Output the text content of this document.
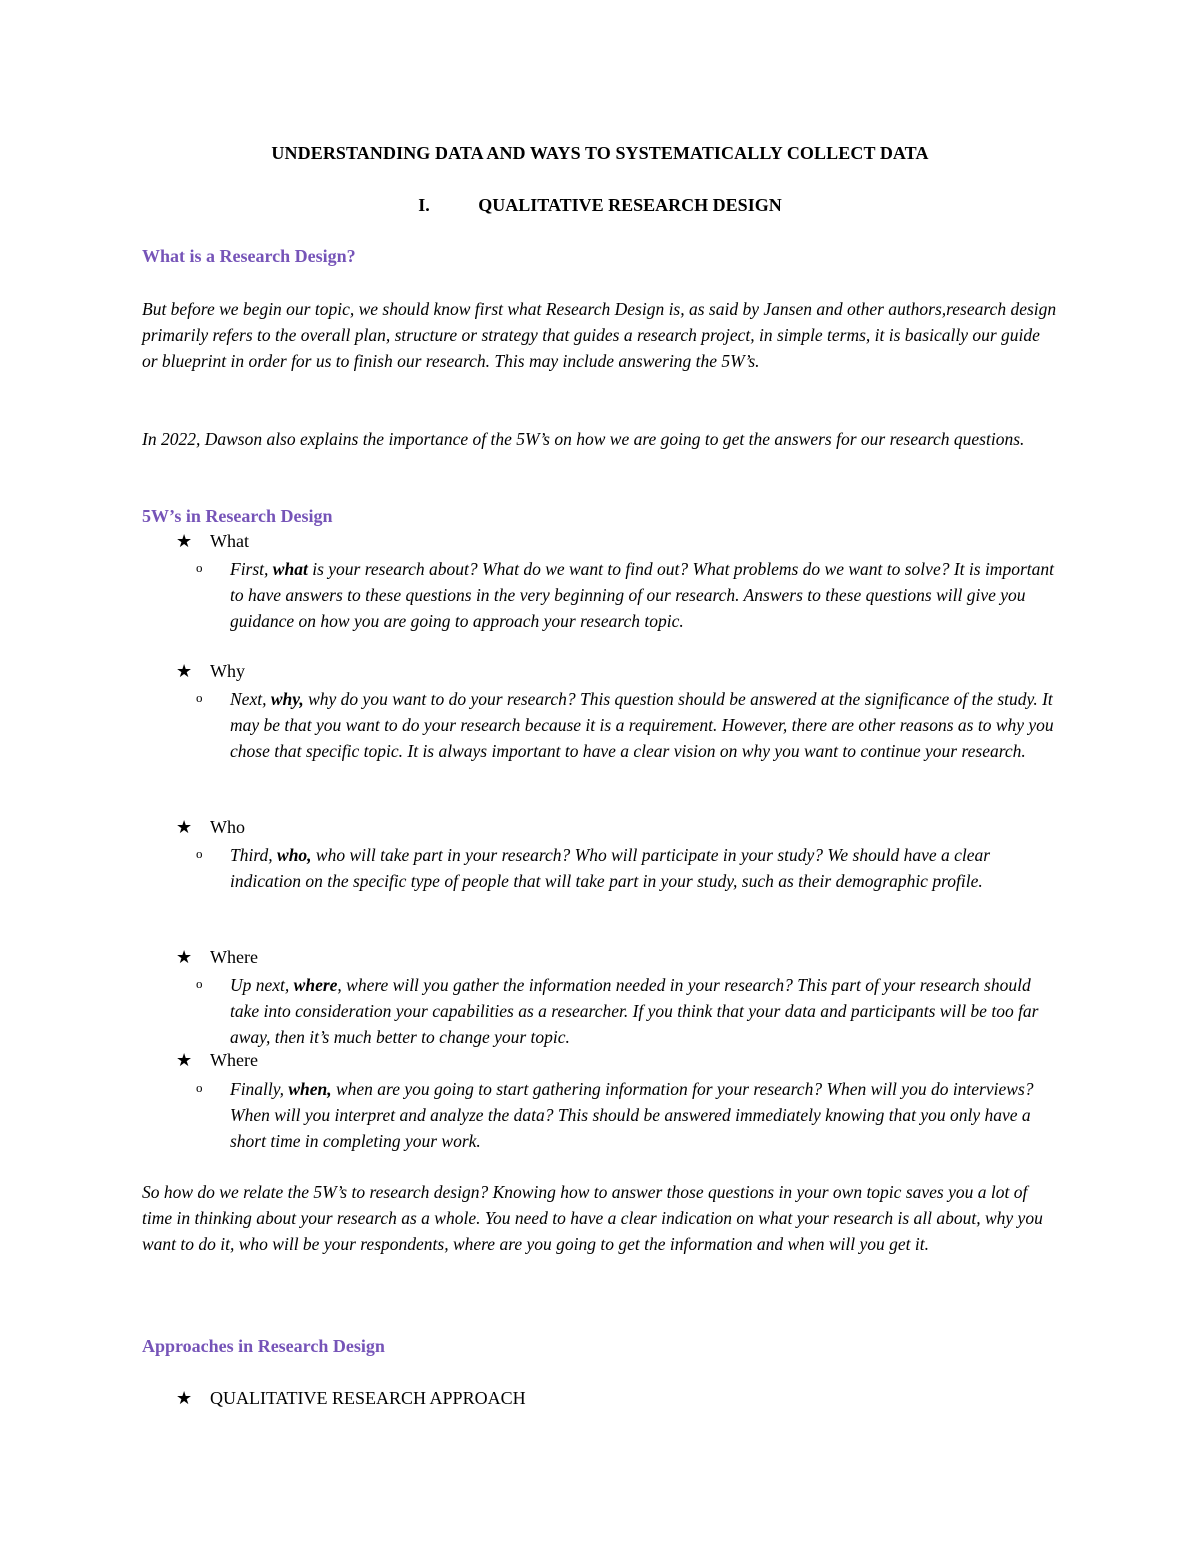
UNDERSTANDING DATA AND WAYS TO SYSTEMATICALLY COLLECT DATA
I.	QUALITATIVE RESEARCH DESIGN
What is a Research Design?
But before we begin our topic, we should know first what Research Design is, as said by Jansen and other authors,research design primarily refers to the overall plan, structure or strategy that guides a research project, in simple terms, it is basically our guide or blueprint in order for us to finish our research. This may include answering the 5W’s.
In 2022, Dawson also explains the importance of the 5W’s on how we are going to get the answers for our research questions.
5W’s in Research Design
★ What
o First, what is your research about? What do we want to find out? What problems do we want to solve? It is important to have answers to these questions in the very beginning of our research. Answers to these questions will give you guidance on how you are going to approach your research topic.
★ Why
o Next, why, why do you want to do your research? This question should be answered at the significance of the study. It may be that you want to do your research because it is a requirement. However, there are other reasons as to why you chose that specific topic. It is always important to have a clear vision on why you want to continue your research.
★ Who
o Third, who, who will take part in your research? Who will participate in your study? We should have a clear indication on the specific type of people that will take part in your study, such as their demographic profile.
★ Where
o Up next, where, where will you gather the information needed in your research? This part of your research should take into consideration your capabilities as a researcher. If you think that your data and participants will be too far away, then it’s much better to change your topic.
★ Where
o Finally, when, when are you going to start gathering information for your research? When will you do interviews? When will you interpret and analyze the data? This should be answered immediately knowing that you only have a short time in completing your work.
So how do we relate the 5W’s to research design? Knowing how to answer those questions in your own topic saves you a lot of time in thinking about your research as a whole. You need to have a clear indication on what your research is all about, why you want to do it, who will be your respondents, where are you going to get the information and when will you get it.
Approaches in Research Design
★ QUALITATIVE RESEARCH APPROACH
